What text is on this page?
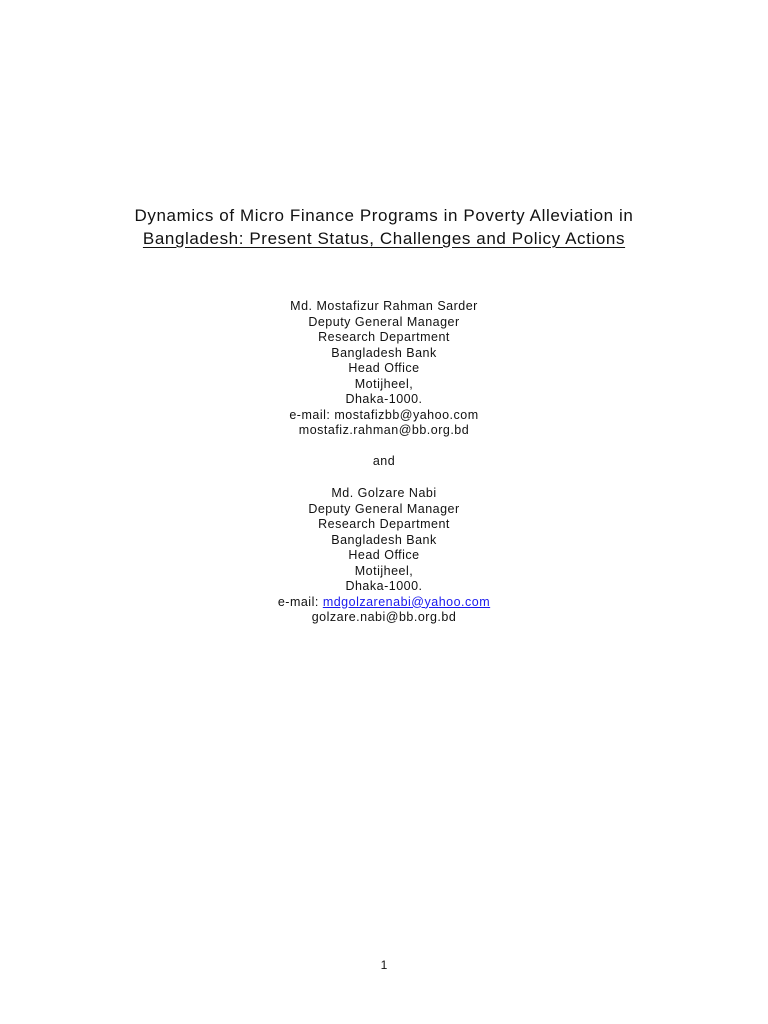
Dynamics of Micro Finance Programs in Poverty Alleviation in
Bangladesh: Present Status, Challenges and Policy Actions
Md. Mostafizur Rahman Sarder
Deputy General Manager
Research Department
Bangladesh Bank
Head Office
Motijheel,
Dhaka-1000.
e-mail: mostafizbb@yahoo.com
mostafiz.rahman@bb.org.bd
and
Md. Golzare Nabi
Deputy General Manager
Research Department
Bangladesh Bank
Head Office
Motijheel,
Dhaka-1000.
e-mail: mdgolzarenabi@yahoo.com
golzare.nabi@bb.org.bd
1
